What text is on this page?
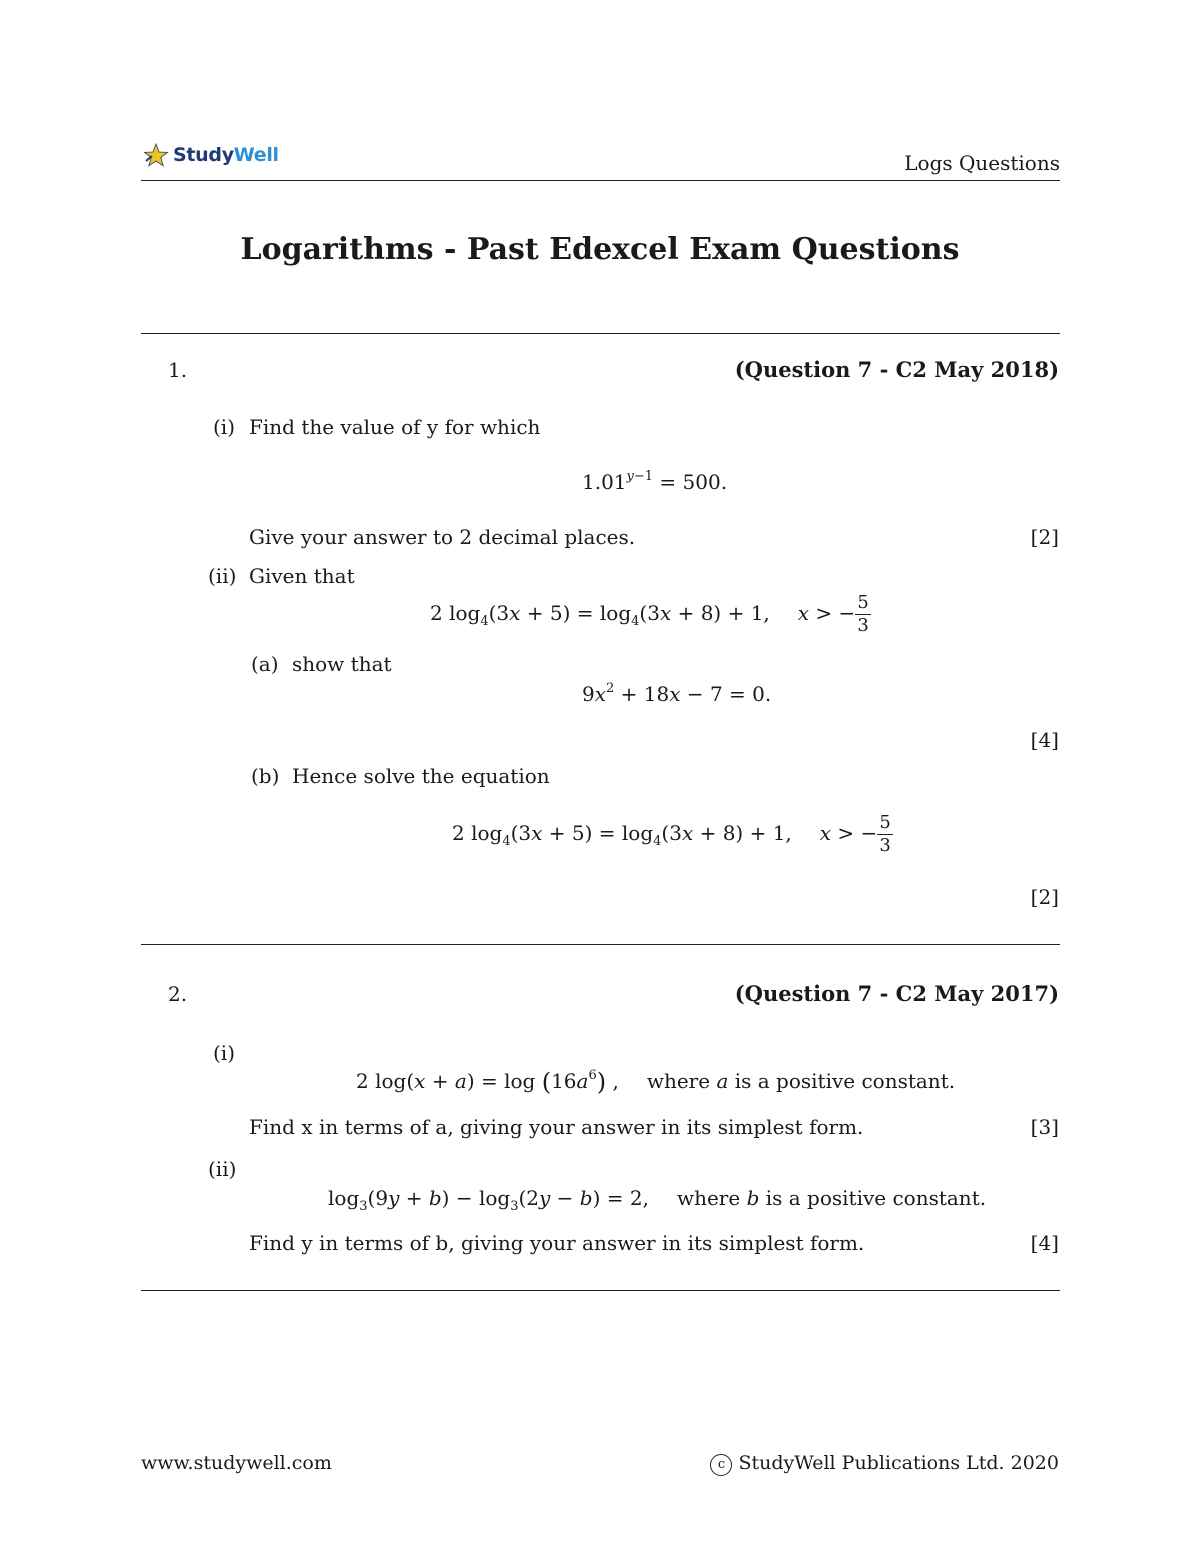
StudyWell	Logs Questions
Logarithms - Past Edexcel Exam Questions
1.	(Question 7 - C2 May 2018)
(i) Find the value of y for which
$1.01^{y-1} = 500$.
Give your answer to 2 decimal places.	[2]
(ii) Given that
2 $\log_4(3x + 5) = \log_4(3x + 8) + 1$, x > − $\frac{5}{3}$
(a) show that
$9x^2 + 18x - 7 = 0$.
[4]
(b) Hence solve the equation
2 $\log_4(3x + 5) = \log_4(3x + 8) + 1$, x > − $\frac{5}{3}$
[2]
2.	(Question 7 - C2 May 2017)
(i)
2 $\log(x + a) = \log (16a^6)$ , where a is a positive constant.
Find x in terms of a, giving your answer in its simplest form.	[3]
(ii)
$\log_3(9y + b) - \log_3(2y - b) = 2$, where b is a positive constant.
Find y in terms of b, giving your answer in its simplest form.	[4]
www.studywell.com	c StudyWell Publications Ltd. 2020
